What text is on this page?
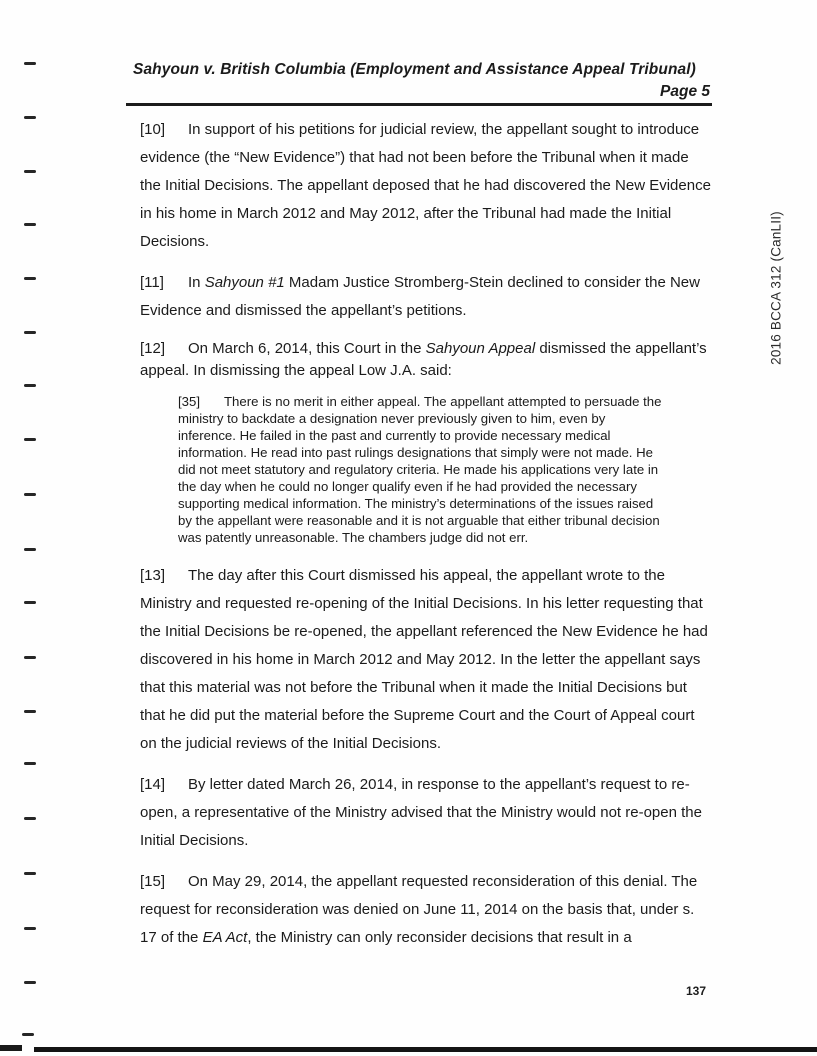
Sahyoun v. British Columbia (Employment and Assistance Appeal Tribunal)
Page 5

[10] In support of his petitions for judicial review, the appellant sought to introduce evidence (the “New Evidence”) that had not been before the Tribunal when it made the Initial Decisions. The appellant deposed that he had discovered the New Evidence in his home in March 2012 and May 2012, after the Tribunal had made the Initial Decisions.

[11] In Sahyoun #1 Madam Justice Stromberg-Stein declined to consider the New Evidence and dismissed the appellant’s petitions.

[12] On March 6, 2014, this Court in the Sahyoun Appeal dismissed the appellant’s appeal. In dismissing the appeal Low J.A. said:

[35] There is no merit in either appeal. The appellant attempted to persuade the ministry to backdate a designation never previously given to him, even by inference. He failed in the past and currently to provide necessary medical information. He read into past rulings designations that simply were not made. He did not meet statutory and regulatory criteria. He made his applications very late in the day when he could no longer qualify even if he had provided the necessary supporting medical information. The ministry’s determinations of the issues raised by the appellant were reasonable and it is not arguable that either tribunal decision was patently unreasonable. The chambers judge did not err.

[13] The day after this Court dismissed his appeal, the appellant wrote to the Ministry and requested re-opening of the Initial Decisions. In his letter requesting that the Initial Decisions be re-opened, the appellant referenced the New Evidence he had discovered in his home in March 2012 and May 2012. In the letter the appellant says that this material was not before the Tribunal when it made the Initial Decisions but that he did put the material before the Supreme Court and the Court of Appeal court on the judicial reviews of the Initial Decisions.

[14] By letter dated March 26, 2014, in response to the appellant’s request to re-open, a representative of the Ministry advised that the Ministry would not re-open the Initial Decisions.

[15] On May 29, 2014, the appellant requested reconsideration of this denial. The request for reconsideration was denied on June 11, 2014 on the basis that, under s. 17 of the EA Act, the Ministry can only reconsider decisions that result in a

2016 BCCA 312 (CanLII)
137
